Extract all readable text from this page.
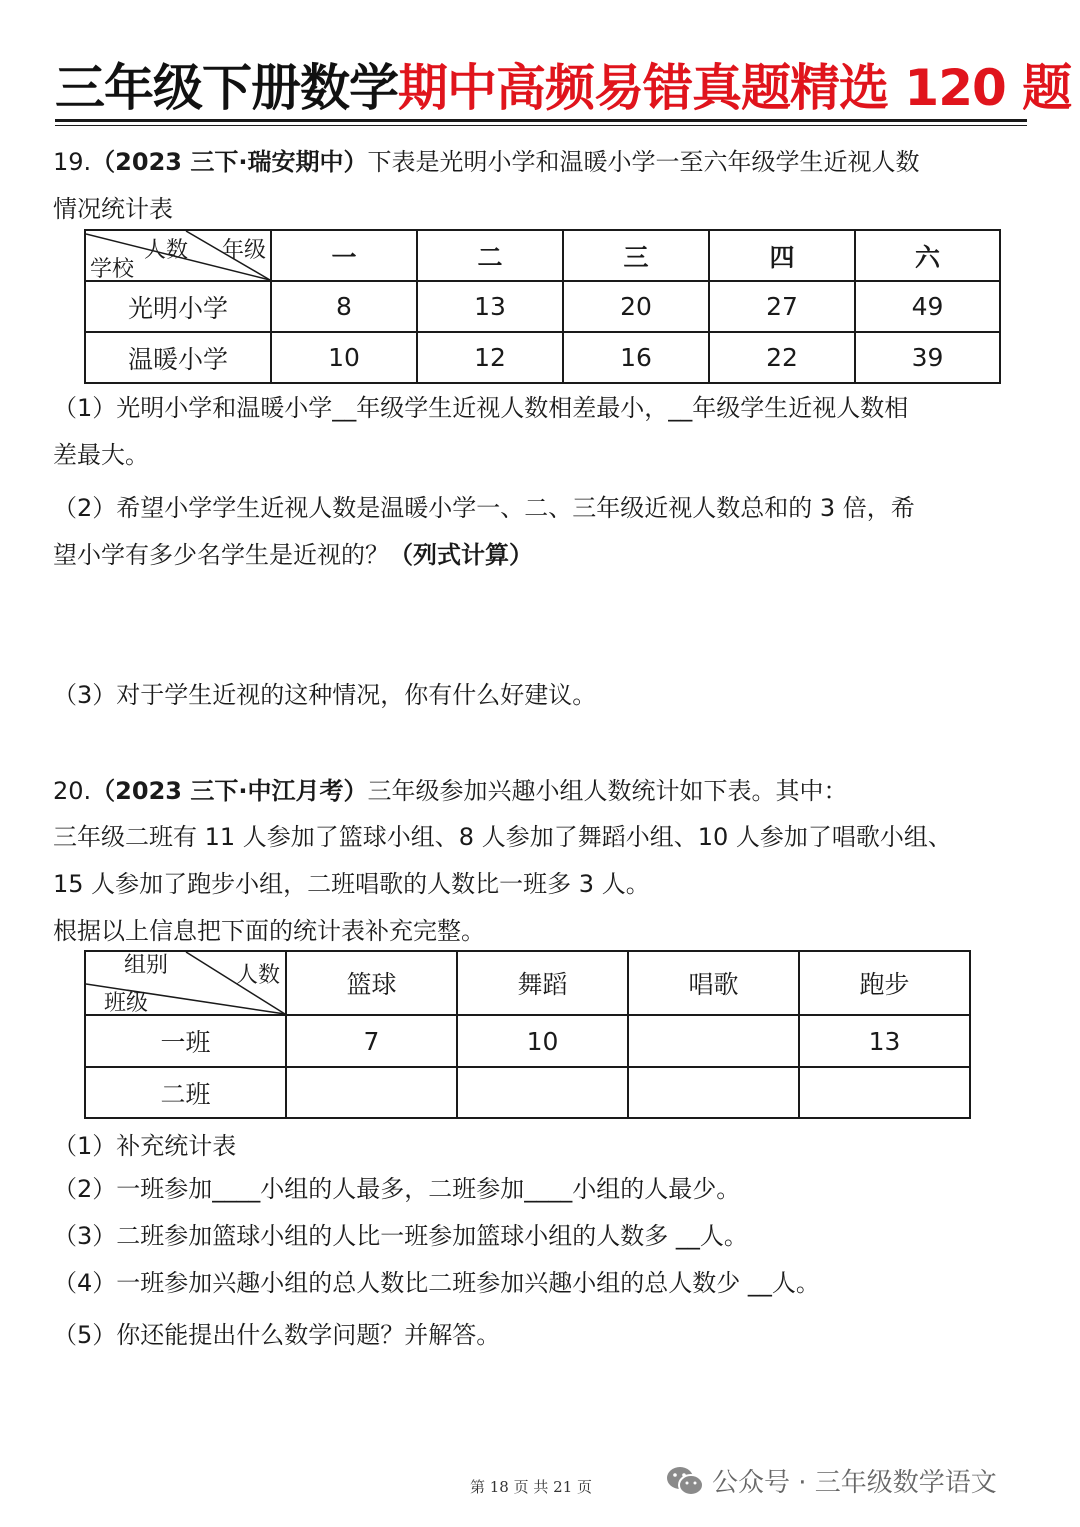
三年级下册数学期中高频易错真题精选 120 题
19.（2023 三下·瑞安期中）下表是光明小学和温暖小学一至六年级学生近视人数
情况统计表
人数 年级
学校	一	二	三	四	六
光明小学	8	13	20	27	49
温暖小学	10	12	16	22	39
（1）光明小学和温暖小学__年级学生近视人数相差最小，__年级学生近视人数相
差最大。
（2）希望小学学生近视人数是温暖小学一、二、三年级近视人数总和的 3 倍，希
望小学有多少名学生是近视的？（列式计算）
（3）对于学生近视的这种情况，你有什么好建议。
20.（2023 三下·中江月考）三年级参加兴趣小组人数统计如下表。其中：
三年级二班有 11 人参加了篮球小组、8 人参加了舞蹈小组、10 人参加了唱歌小组、
15 人参加了跑步小组，二班唱歌的人数比一班多 3 人。
根据以上信息把下面的统计表补充完整。
组别 人数
班级	篮球	舞蹈	唱歌	跑步
一班	7	10		13
二班				
（1）补充统计表
（2）一班参加____小组的人最多，二班参加____小组的人最少。
（3）二班参加篮球小组的人比一班参加篮球小组的人数多 __人。
（4）一班参加兴趣小组的总人数比二班参加兴趣小组的总人数少 __人。
（5）你还能提出什么数学问题？并解答。
第 18 页 共 21 页	公众号 · 三年级数学语文
